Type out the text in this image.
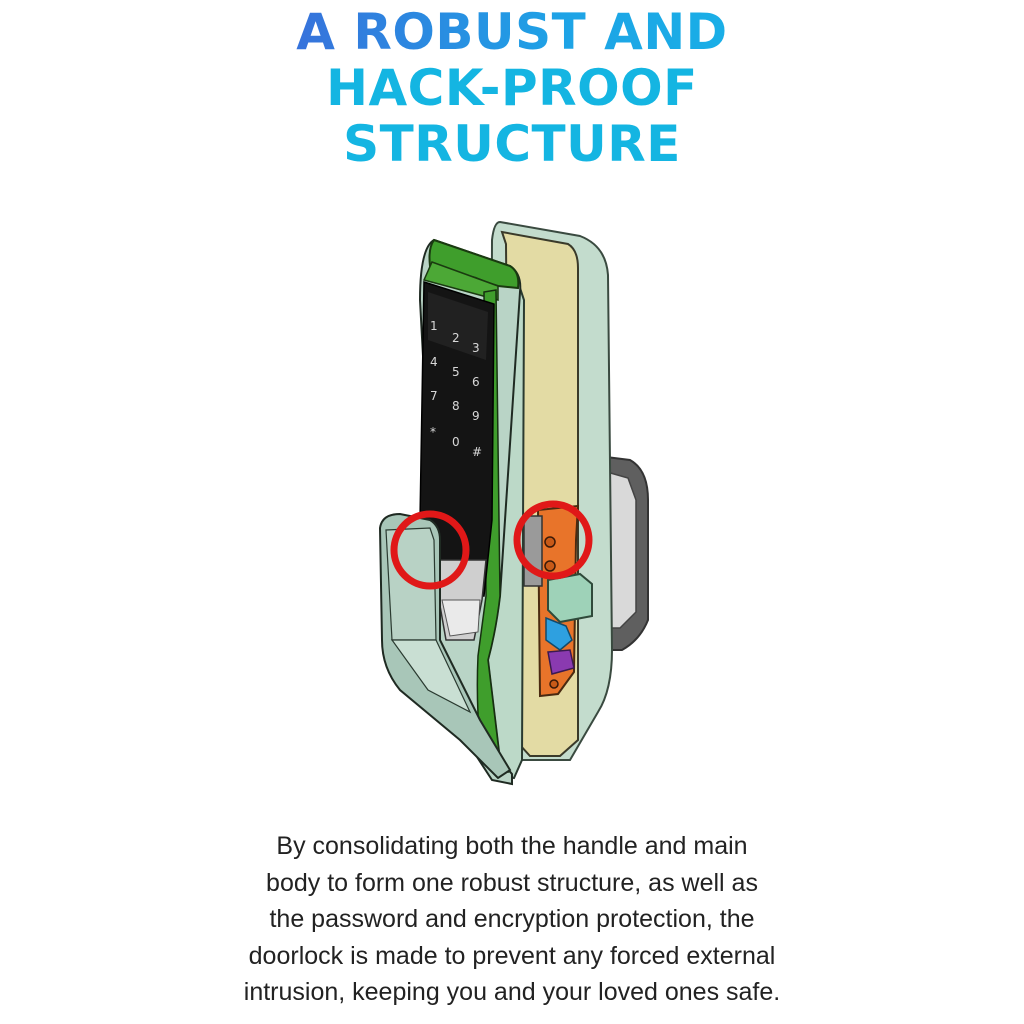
A ROBUST AND
HACK-PROOF
STRUCTURE
1
2
3
4
5
6
7
8
9
*
0
#

By consolidating both the handle and main
body to form one robust structure, as well as
the password and encryption protection, the
doorlock is made to prevent any forced external
intrusion, keeping you and your loved ones safe.
